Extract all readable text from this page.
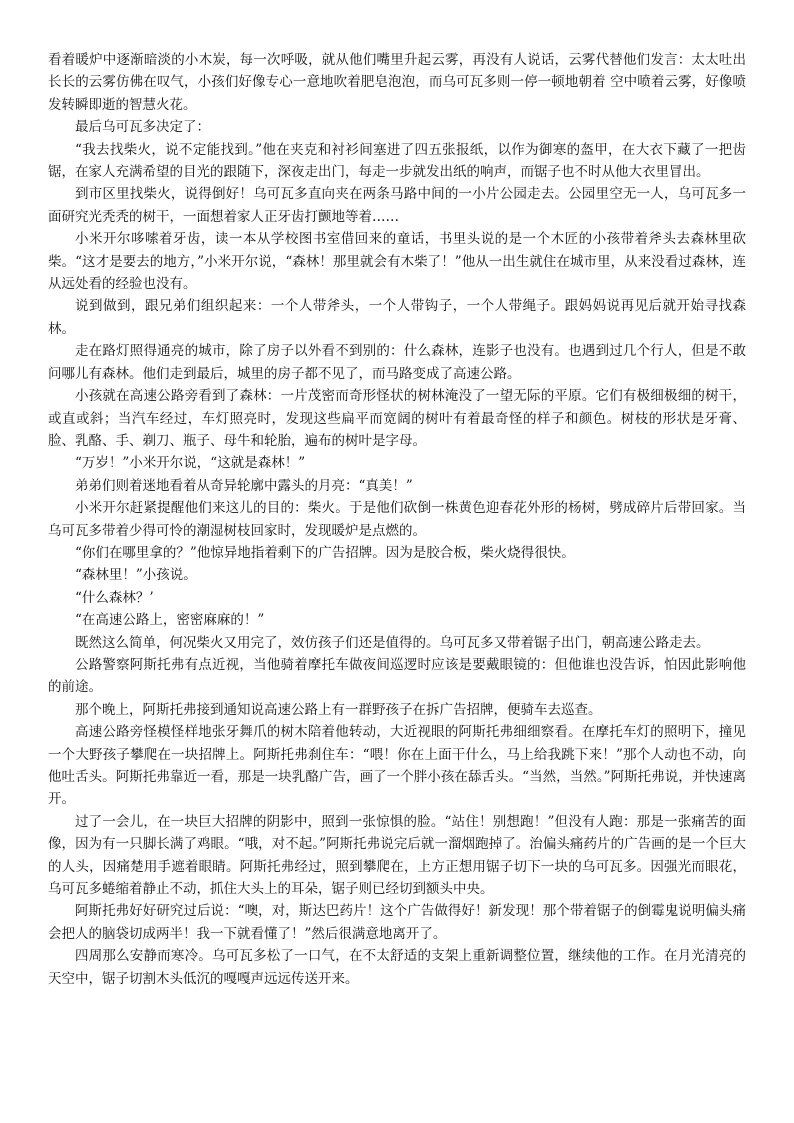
看着暖炉中逐渐暗淡的小木炭，每一次呼吸，就从他们嘴里升起云雾，再没有人说话，云雾代替他们发言：太太吐出长长的云雾仿佛在叹气，小孩们好像专心一意地吹着肥皂泡泡，而乌可瓦多则一停一顿地朝着 空中喷着云雾，好像喷发转瞬即逝的智慧火花。

最后乌可瓦多决定了：

“我去找柴火，说不定能找到。”他在夹克和衬衫间塞进了四五张报纸，以作为御寒的盔甲，在大衣下藏了一把齿锯，在家人充满希望的目光的跟随下，深夜走出门，每走一步就发出纸的响声，而锯子也不时从他大衣里冒出。

到市区里找柴火，说得倒好！乌可瓦多直向夹在两条马路中间的一小片公园走去。公园里空无一人，乌可瓦多一面研究光秃秃的树干，一面想着家人正牙齿打颤地等着……

小米开尔哆嗦着牙齿，读一本从学校图书室借回来的童话，书里头说的是一个木匠的小孩带着斧头去森林里砍柴。“这才是要去的地方，”小米开尔说，“森林！那里就会有木柴了！”他从一出生就住在城市里，从来没看过森林，连从远处看的经验也没有。

说到做到，跟兄弟们组织起来：一个人带斧头，一个人带钩子，一个人带绳子。跟妈妈说再见后就开始寻找森林。

走在路灯照得通亮的城市，除了房子以外看不到别的：什么森林，连影子也没有。也遇到过几个行人，但是不敢问哪儿有森林。他们走到最后，城里的房子都不见了，而马路变成了高速公路。

小孩就在高速公路旁看到了森林：一片茂密而奇形怪状的树林淹没了一望无际的平原。它们有极细极细的树干，或直或斜；当汽车经过，车灯照亮时，发现这些扁平而宽阔的树叶有着最奇怪的样子和颜色。树枝的形状是牙膏、脸、乳酪、手、剃刀、瓶子、母牛和轮胎，遍布的树叶是字母。

“万岁！”小米开尔说，“这就是森林！”

弟弟们则着迷地看着从奇异轮廓中露头的月亮：“真美！”

小米开尔赶紧提醒他们来这儿的目的：柴火。于是他们砍倒一株黄色迎春花外形的杨树，劈成碎片后带回家。当乌可瓦多带着少得可怜的潮湿树枝回家时，发现暖炉是点燃的。

“你们在哪里拿的？”他惊异地指着剩下的广告招牌。因为是胶合板，柴火烧得很快。

“森林里！”小孩说。

“什么森林？’

“在高速公路上，密密麻麻的！”

既然这么简单，何况柴火又用完了，效仿孩子们还是值得的。乌可瓦多又带着锯子出门，朝高速公路走去。

公路警察阿斯托弗有点近视，当他骑着摩托车做夜间巡逻时应该是要戴眼镜的：但他谁也没告诉，怕因此影响他的前途。

那个晚上，阿斯托弗接到通知说高速公路上有一群野孩子在拆广告招牌，便骑车去巡查。

高速公路旁怪模怪样地张牙舞爪的树木陪着他转动，大近视眼的阿斯托弗细细察看。在摩托车灯的照明下，撞见一个大野孩子攀爬在一块招牌上。阿斯托弗刹住车：“喂！你在上面干什么，马上给我跳下来！”那个人动也不动，向他吐舌头。阿斯托弗靠近一看，那是一块乳酪广告，画了一个胖小孩在舔舌头。“当然，当然。”阿斯托弗说，并快速离开。

过了一会儿，在一块巨大招牌的阴影中，照到一张惊惧的脸。“站住！别想跑！”但没有人跑：那是一张痛苦的面像，因为有一只脚长满了鸡眼。“哦，对不起。”阿斯托弗说完后就一溜烟跑掉了。治偏头痛药片的广告画的是一个巨大的人头，因痛楚用手遮着眼睛。阿斯托弗经过，照到攀爬在，上方正想用锯子切下一块的乌可瓦多。因强光而眼花，乌可瓦多蜷缩着静止不动，抓住大头上的耳朵，锯子则已经切到额头中央。

阿斯托弗好好研究过后说：“噢，对，斯达巴药片！这个广告做得好！新发现！那个带着锯子的倒霉鬼说明偏头痛会把人的脑袋切成两半！我一下就看懂了！”然后很满意地离开了。

四周那么安静而寒冷。乌可瓦多松了一口气，在不太舒适的支架上重新调整位置，继续他的工作。在月光清亮的天空中，锯子切割木头低沉的嘎嘎声远远传送开来。
